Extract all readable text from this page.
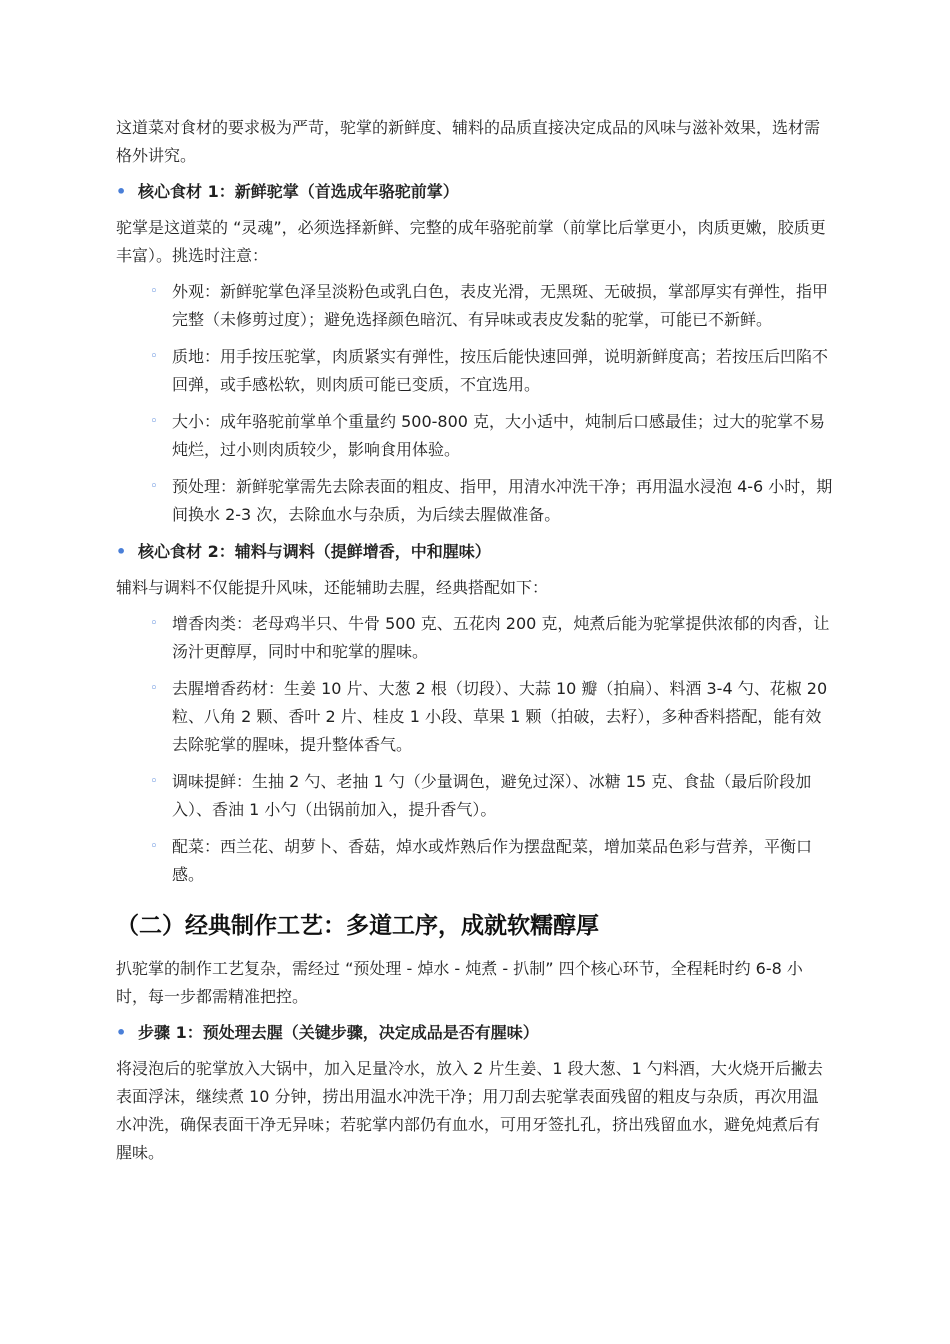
这道菜对食材的要求极为严苛，驼掌的新鲜度、辅料的品质直接决定成品的风味与滋补效果，选材需格外讲究。

• 核心食材 1：新鲜驼掌（首选成年骆驼前掌）

驼掌是这道菜的 “灵魂”，必须选择新鲜、完整的成年骆驼前掌（前掌比后掌更小，肉质更嫩，胶质更丰富）。挑选时注意：

◦ 外观：新鲜驼掌色泽呈淡粉色或乳白色，表皮光滑，无黑斑、无破损，掌部厚实有弹性，指甲完整（未修剪过度）；避免选择颜色暗沉、有异味或表皮发黏的驼掌，可能已不新鲜。
◦ 质地：用手按压驼掌，肉质紧实有弹性，按压后能快速回弹，说明新鲜度高；若按压后凹陷不回弹，或手感松软，则肉质可能已变质，不宜选用。
◦ 大小：成年骆驼前掌单个重量约 500-800 克，大小适中，炖制后口感最佳；过大的驼掌不易炖烂，过小则肉质较少，影响食用体验。
◦ 预处理：新鲜驼掌需先去除表面的粗皮、指甲，用清水冲洗干净；再用温水浸泡 4-6 小时，期间换水 2-3 次，去除血水与杂质，为后续去腥做准备。
• 核心食材 2：辅料与调料（提鲜增香，中和腥味）

辅料与调料不仅能提升风味，还能辅助去腥，经典搭配如下：

◦ 增香肉类：老母鸡半只、牛骨 500 克、五花肉 200 克，炖煮后能为驼掌提供浓郁的肉香，让汤汁更醇厚，同时中和驼掌的腥味。
◦ 去腥增香药材：生姜 10 片、大葱 2 根（切段）、大蒜 10 瓣（拍扁）、料酒 3-4 勺、花椒 20 粒、八角 2 颗、香叶 2 片、桂皮 1 小段、草果 1 颗（拍破，去籽），多种香料搭配，能有效去除驼掌的腥味，提升整体香气。
◦ 调味提鲜：生抽 2 勺、老抽 1 勺（少量调色，避免过深）、冰糖 15 克、食盐（最后阶段加入）、香油 1 小勺（出锅前加入，提升香气）。
◦ 配菜：西兰花、胡萝卜、香菇，焯水或炸熟后作为摆盘配菜，增加菜品色彩与营养，平衡口感。
（二）经典制作工艺：多道工序，成就软糯醇厚

扒驼掌的制作工艺复杂，需经过 “预处理 - 焯水 - 炖煮 - 扒制” 四个核心环节，全程耗时约 6-8 小时，每一步都需精准把控。

• 步骤 1：预处理去腥（关键步骤，决定成品是否有腥味）

将浸泡后的驼掌放入大锅中，加入足量冷水，放入 2 片生姜、1 段大葱、1 勺料酒，大火烧开后撇去表面浮沫，继续煮 10 分钟，捞出用温水冲洗干净；用刀刮去驼掌表面残留的粗皮与杂质，再次用温水冲洗，确保表面干净无异味；若驼掌内部仍有血水，可用牙签扎孔，挤出残留血水，避免炖煮后有腥味。
